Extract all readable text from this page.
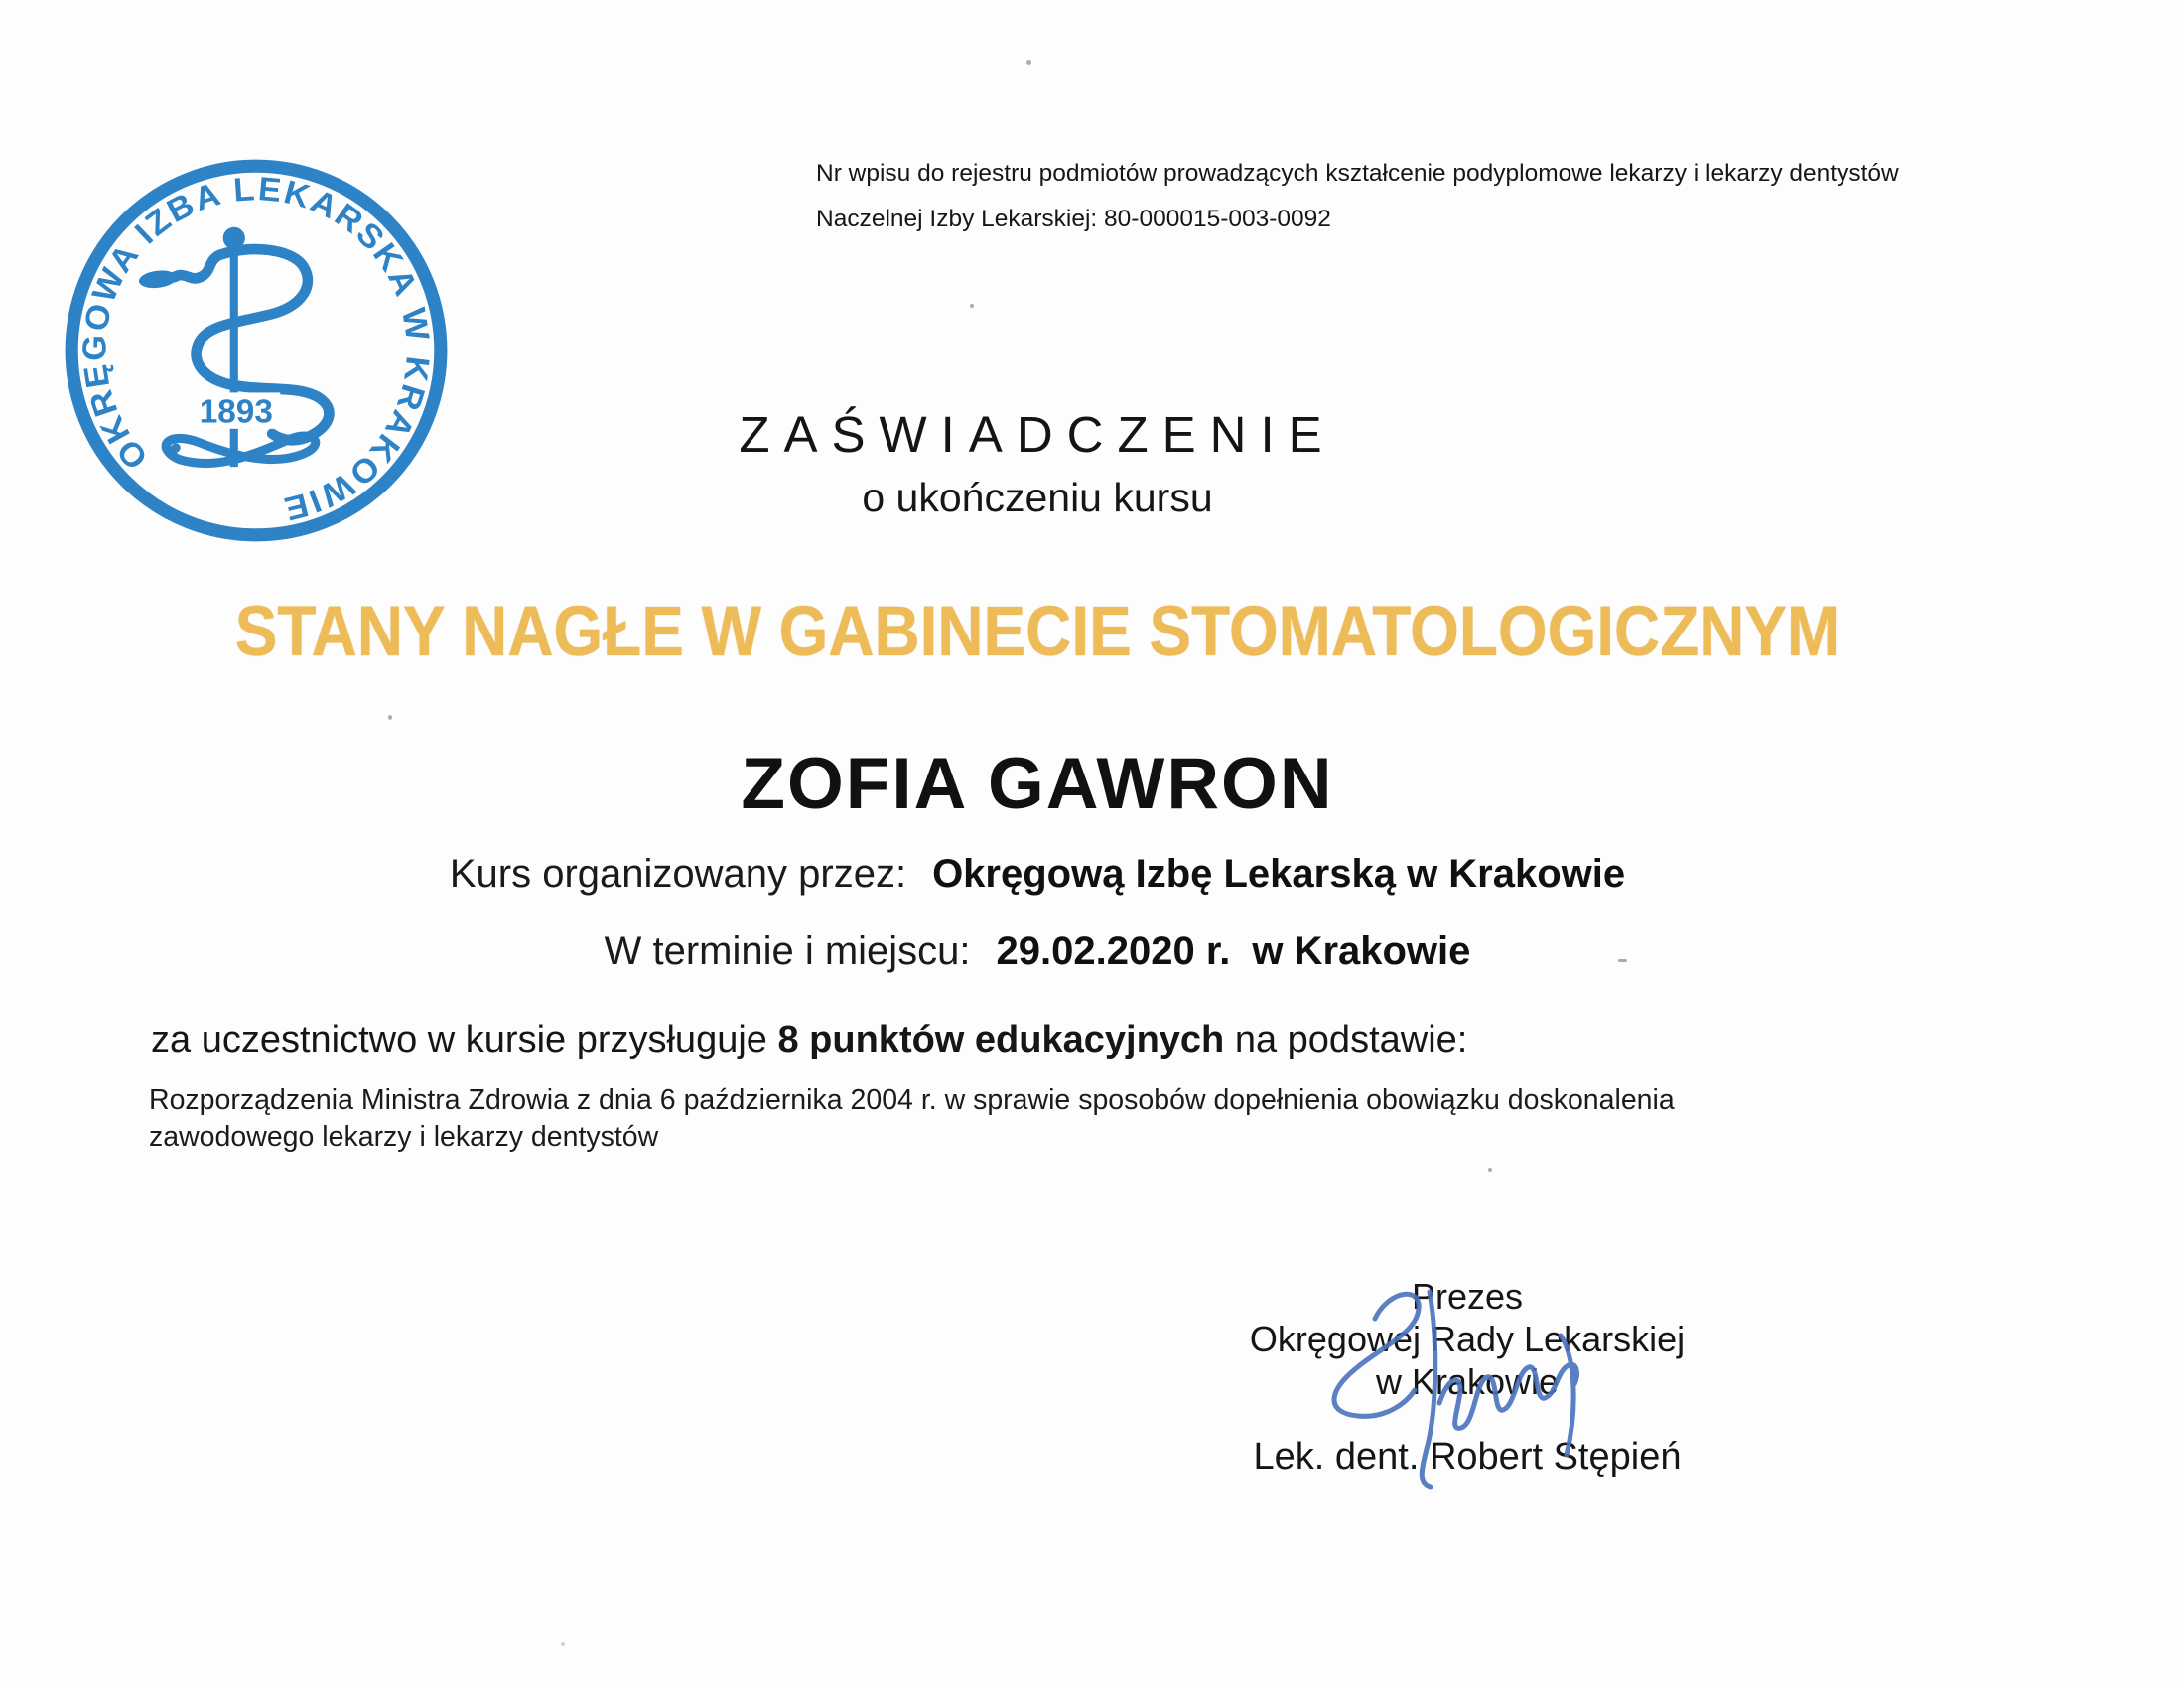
Nr wpisu do rejestru podmiotów prowadzących kształcenie podyplomowe lekarzy i lekarzy dentystów
Naczelnej Izby Lekarskiej: 80-000015-003-0092
1893
OKRĘGOWA IZBA LEKARSKA W KRAKOWIE
ZAŚWIADCZENIE
o ukończeniu kursu
STANY NAGŁE W GABINECIE STOMATOLOGICZNYM
ZOFIA GAWRON
Kurs organizowany przez: Okręgową Izbę Lekarską w Krakowie
W terminie i miejscu: 29.02.2020 r. w Krakowie
za uczestnictwo w kursie przysługuje 8 punktów edukacyjnych na podstawie:
Rozporządzenia Ministra Zdrowia z dnia 6 października 2004 r. w sprawie sposobów dopełnienia obowiązku doskonalenia zawodowego lekarzy i lekarzy dentystów
Prezes
Okręgowej Rady Lekarskiej
w Krakowie
Lek. dent. Robert Stępień
